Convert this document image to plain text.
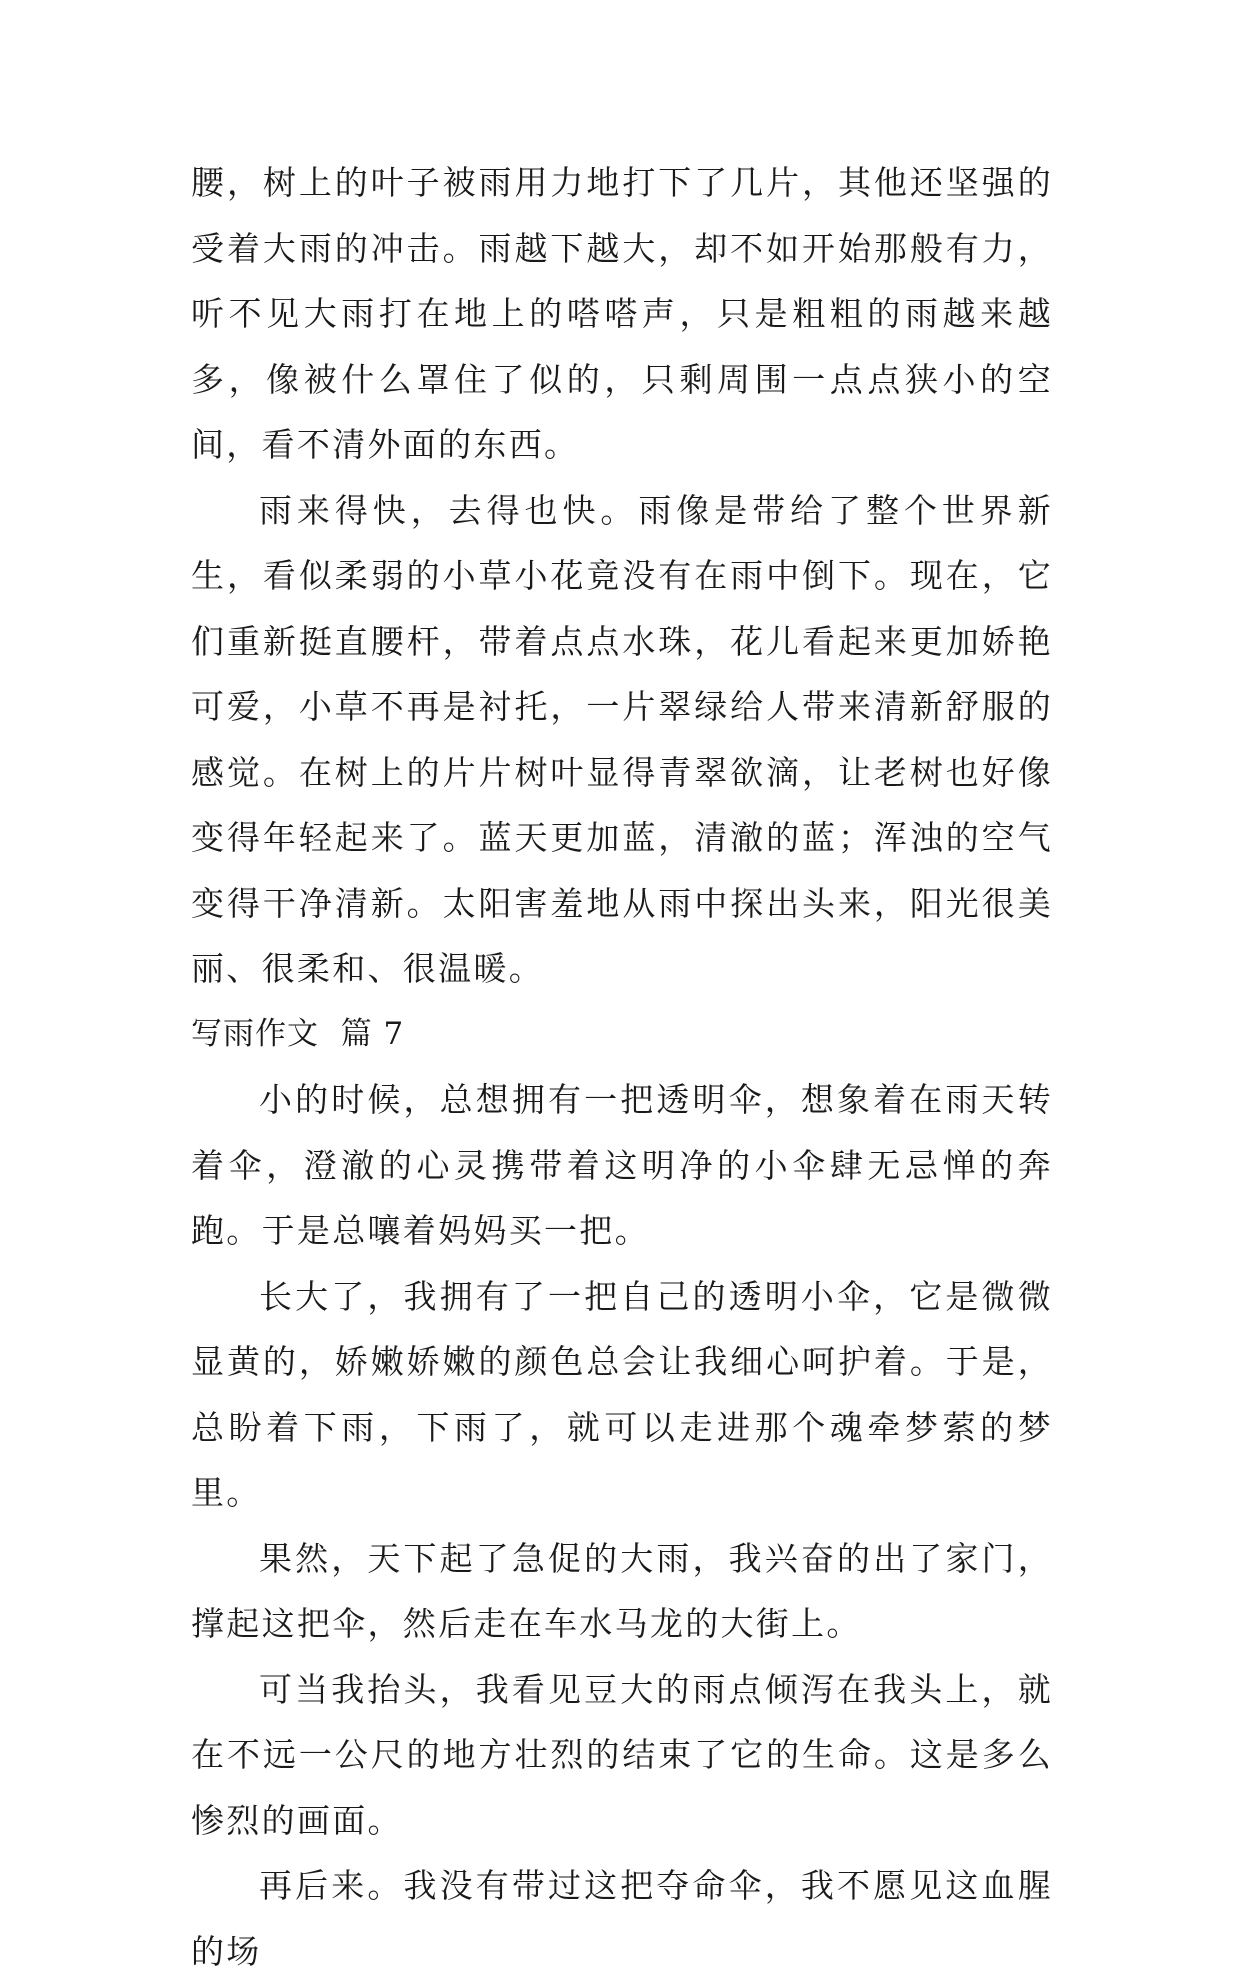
腰，树上的叶子被雨用力地打下了几片，其他还坚强的受着大雨的冲击。雨越下越大，却不如开始那般有力，听不见大雨打在地上的嗒嗒声，只是粗粗的雨越来越多，像被什么罩住了似的，只剩周围一点点狭小的空间，看不清外面的东西。

雨来得快，去得也快。雨像是带给了整个世界新生，看似柔弱的小草小花竟没有在雨中倒下。现在，它们重新挺直腰杆，带着点点水珠，花儿看起来更加娇艳可爱，小草不再是衬托，一片翠绿给人带来清新舒服的感觉。在树上的片片树叶显得青翠欲滴，让老树也好像变得年轻起来了。蓝天更加蓝，清澈的蓝；浑浊的空气变得干净清新。太阳害羞地从雨中探出头来，阳光很美丽、很柔和、很温暖。

写雨作文  篇 7

小的时候，总想拥有一把透明伞，想象着在雨天转着伞，澄澈的心灵携带着这明净的小伞肆无忌惮的奔跑。于是总嚷着妈妈买一把。

长大了，我拥有了一把自己的透明小伞，它是微微显黄的，娇嫩娇嫩的颜色总会让我细心呵护着。于是，总盼着下雨，下雨了，就可以走进那个魂牵梦萦的梦里。

果然，天下起了急促的大雨，我兴奋的出了家门，撑起这把伞，然后走在车水马龙的大街上。

可当我抬头，我看见豆大的雨点倾泻在我头上，就在不远一公尺的地方壮烈的结束了它的生命。这是多么惨烈的画面。

再后来。我没有带过这把夺命伞，我不愿见这血腥的场
